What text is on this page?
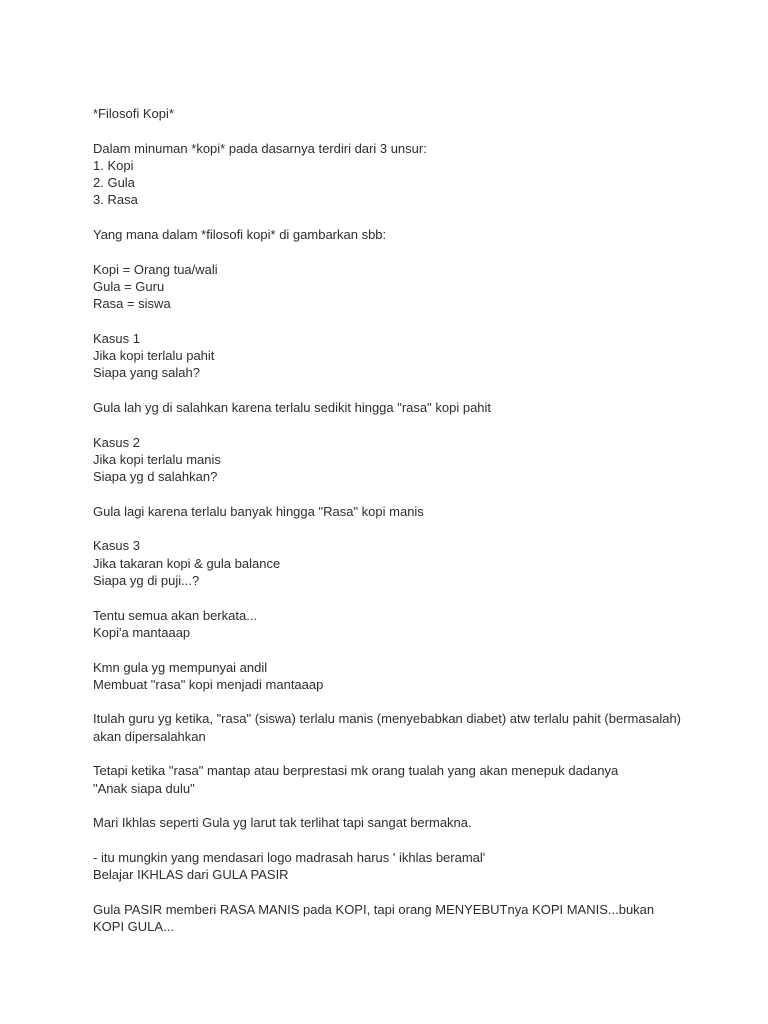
*Filosofi Kopi*
Dalam minuman *kopi* pada dasarnya terdiri dari 3 unsur:
1. Kopi
2. Gula
3. Rasa
Yang mana dalam *filosofi kopi* di gambarkan sbb:
Kopi = Orang tua/wali
Gula = Guru
Rasa = siswa
Kasus 1
Jika kopi terlalu pahit
Siapa yang salah?
Gula lah yg di salahkan karena terlalu sedikit hingga "rasa" kopi pahit
Kasus 2
Jika kopi terlalu manis
Siapa yg d salahkan?
Gula lagi karena terlalu banyak hingga "Rasa" kopi manis
Kasus 3
Jika takaran kopi & gula balance
Siapa yg di puji...?
Tentu semua akan berkata...
Kopi'a mantaaap
Kmn gula yg mempunyai andil
Membuat "rasa" kopi menjadi mantaaap
Itulah guru yg ketika, "rasa" (siswa) terlalu manis (menyebabkan diabet) atw terlalu pahit (bermasalah)
akan dipersalahkan
Tetapi ketika "rasa" mantap atau berprestasi mk orang tualah yang akan menepuk dadanya
"Anak siapa dulu"
Mari Ikhlas seperti Gula yg larut tak terlihat tapi sangat bermakna.
- itu mungkin yang mendasari logo madrasah harus ' ikhlas beramal'
Belajar IKHLAS dari GULA PASIR
Gula PASIR memberi RASA MANIS pada KOPI, tapi orang MENYEBUTnya KOPI MANIS...bukan
KOPI GULA...
